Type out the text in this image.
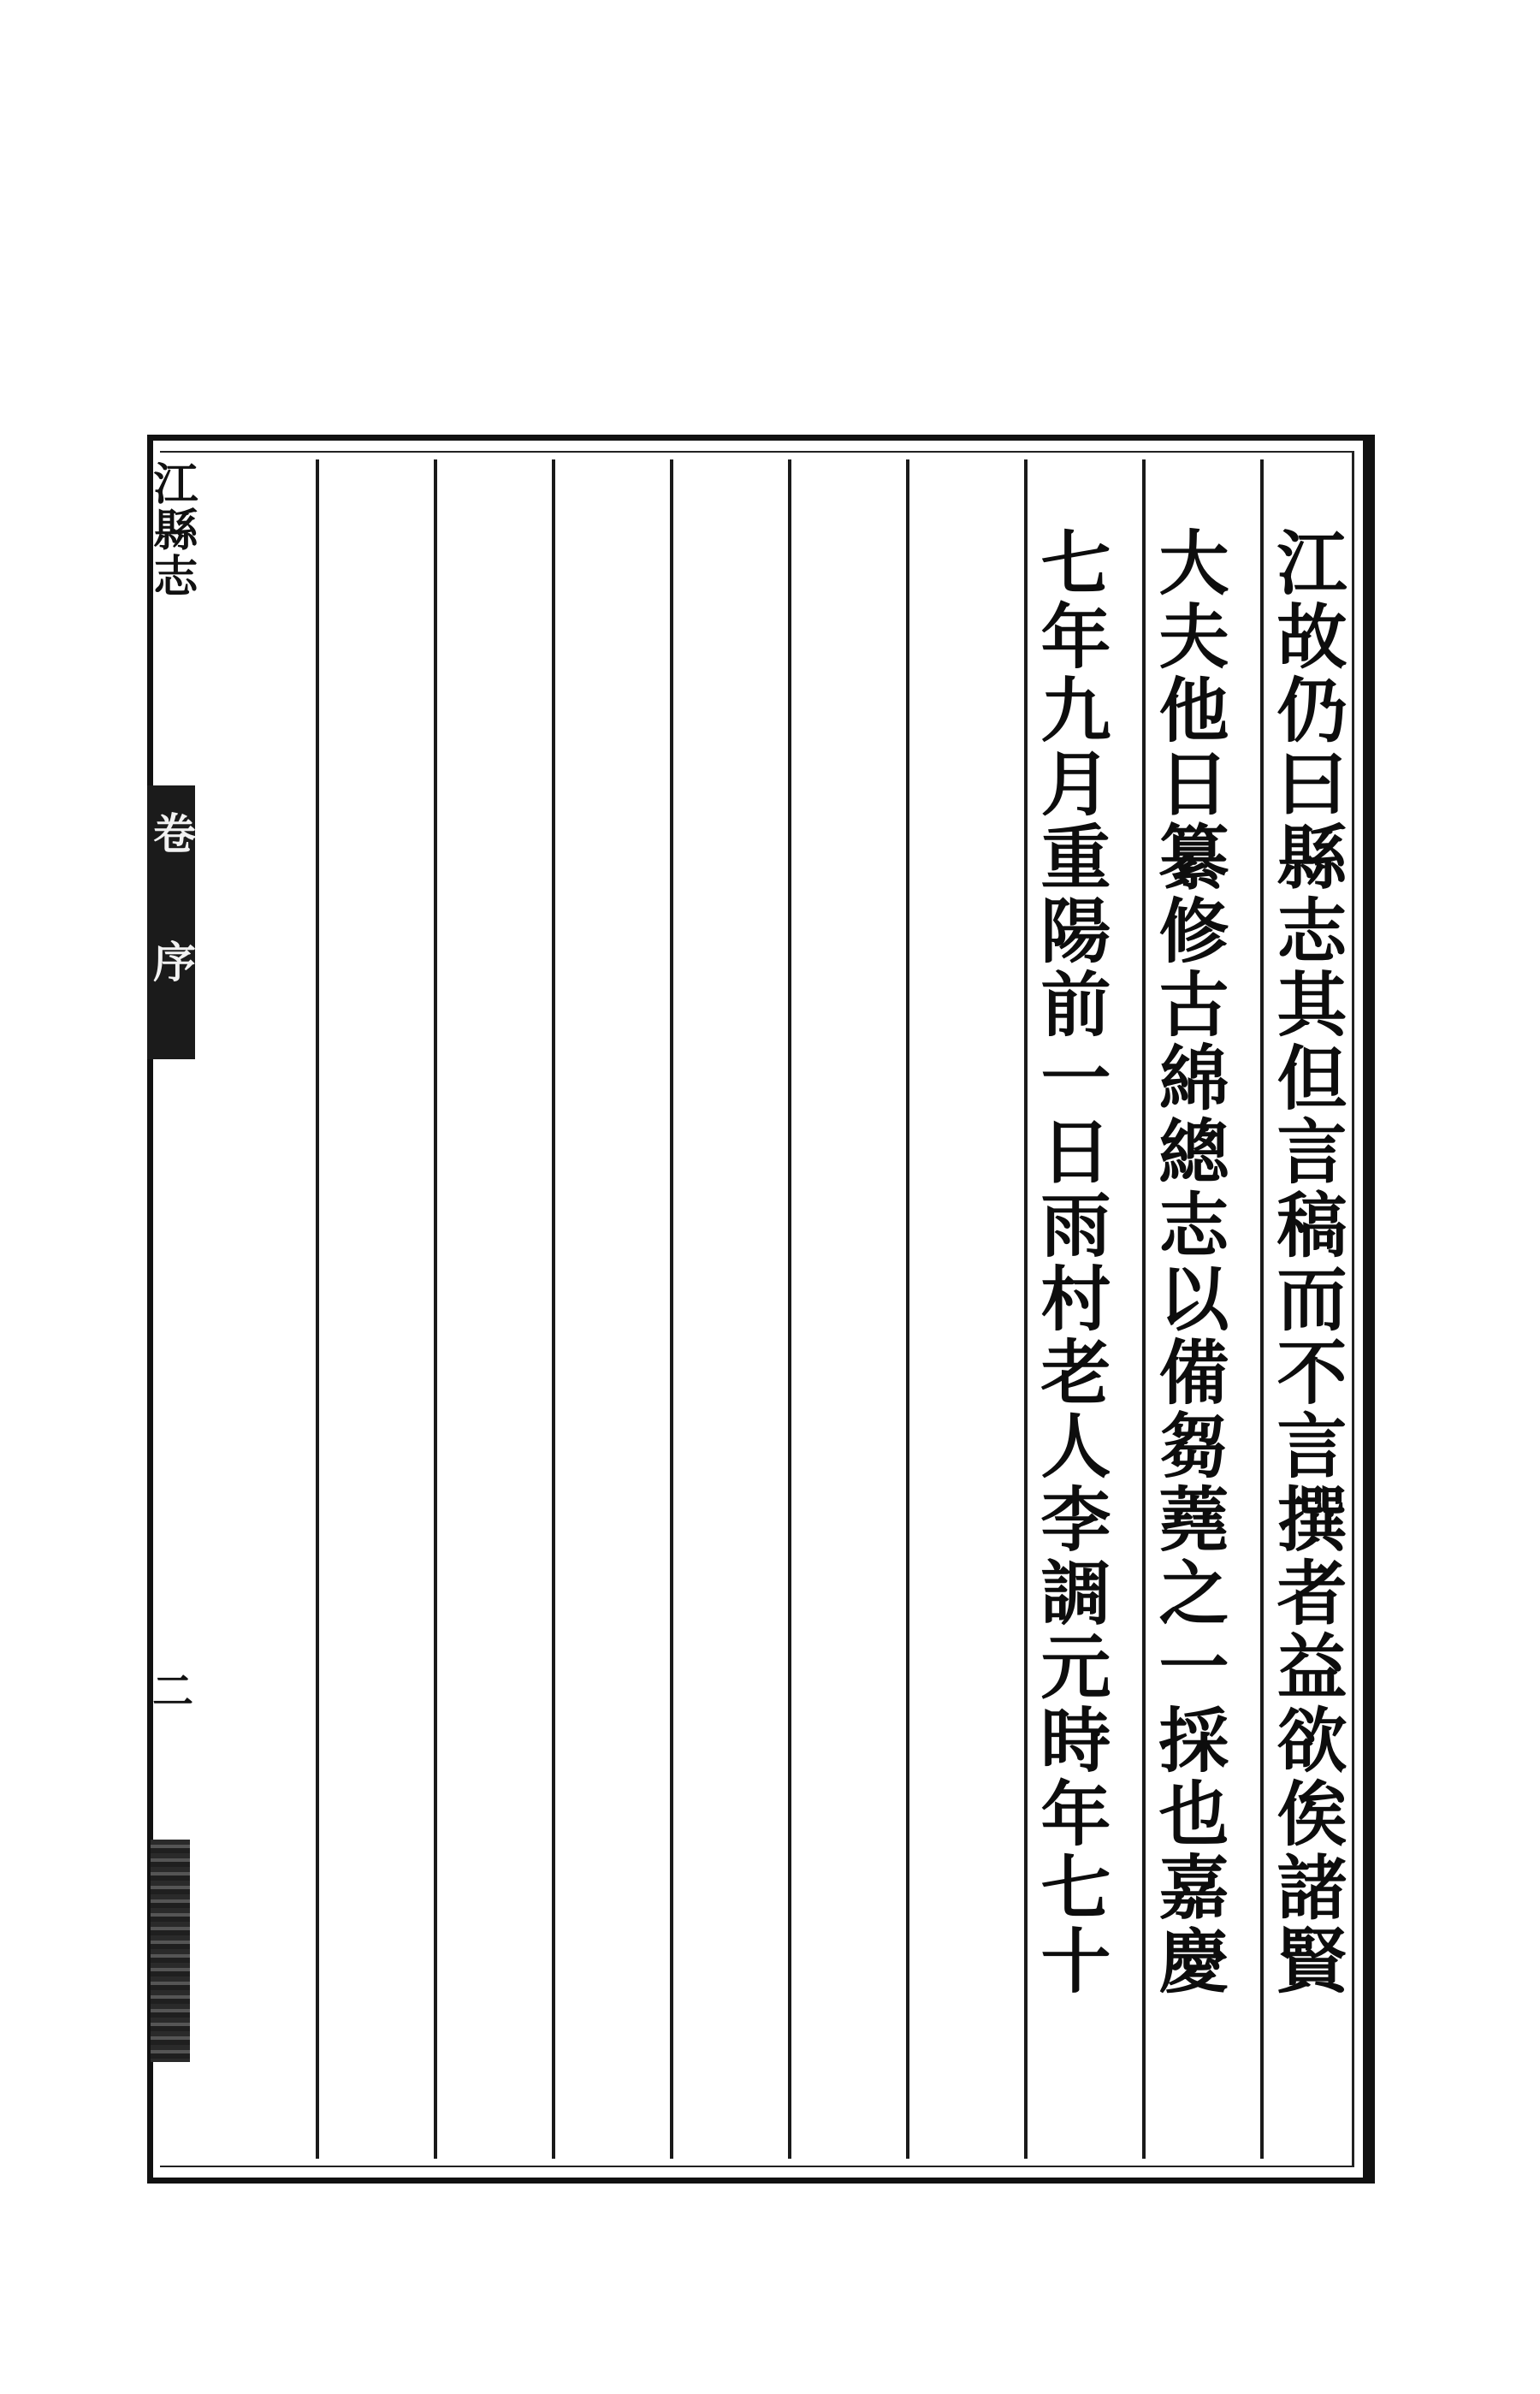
江故仍曰縣志其但言稿而不言撰者益欲俟諸賢
大夫他日纂修古綿總志以備芻蕘之一採也嘉慶
七年九月重陽前一日雨村老人李調元時年七十
江縣志
卷
序
二
